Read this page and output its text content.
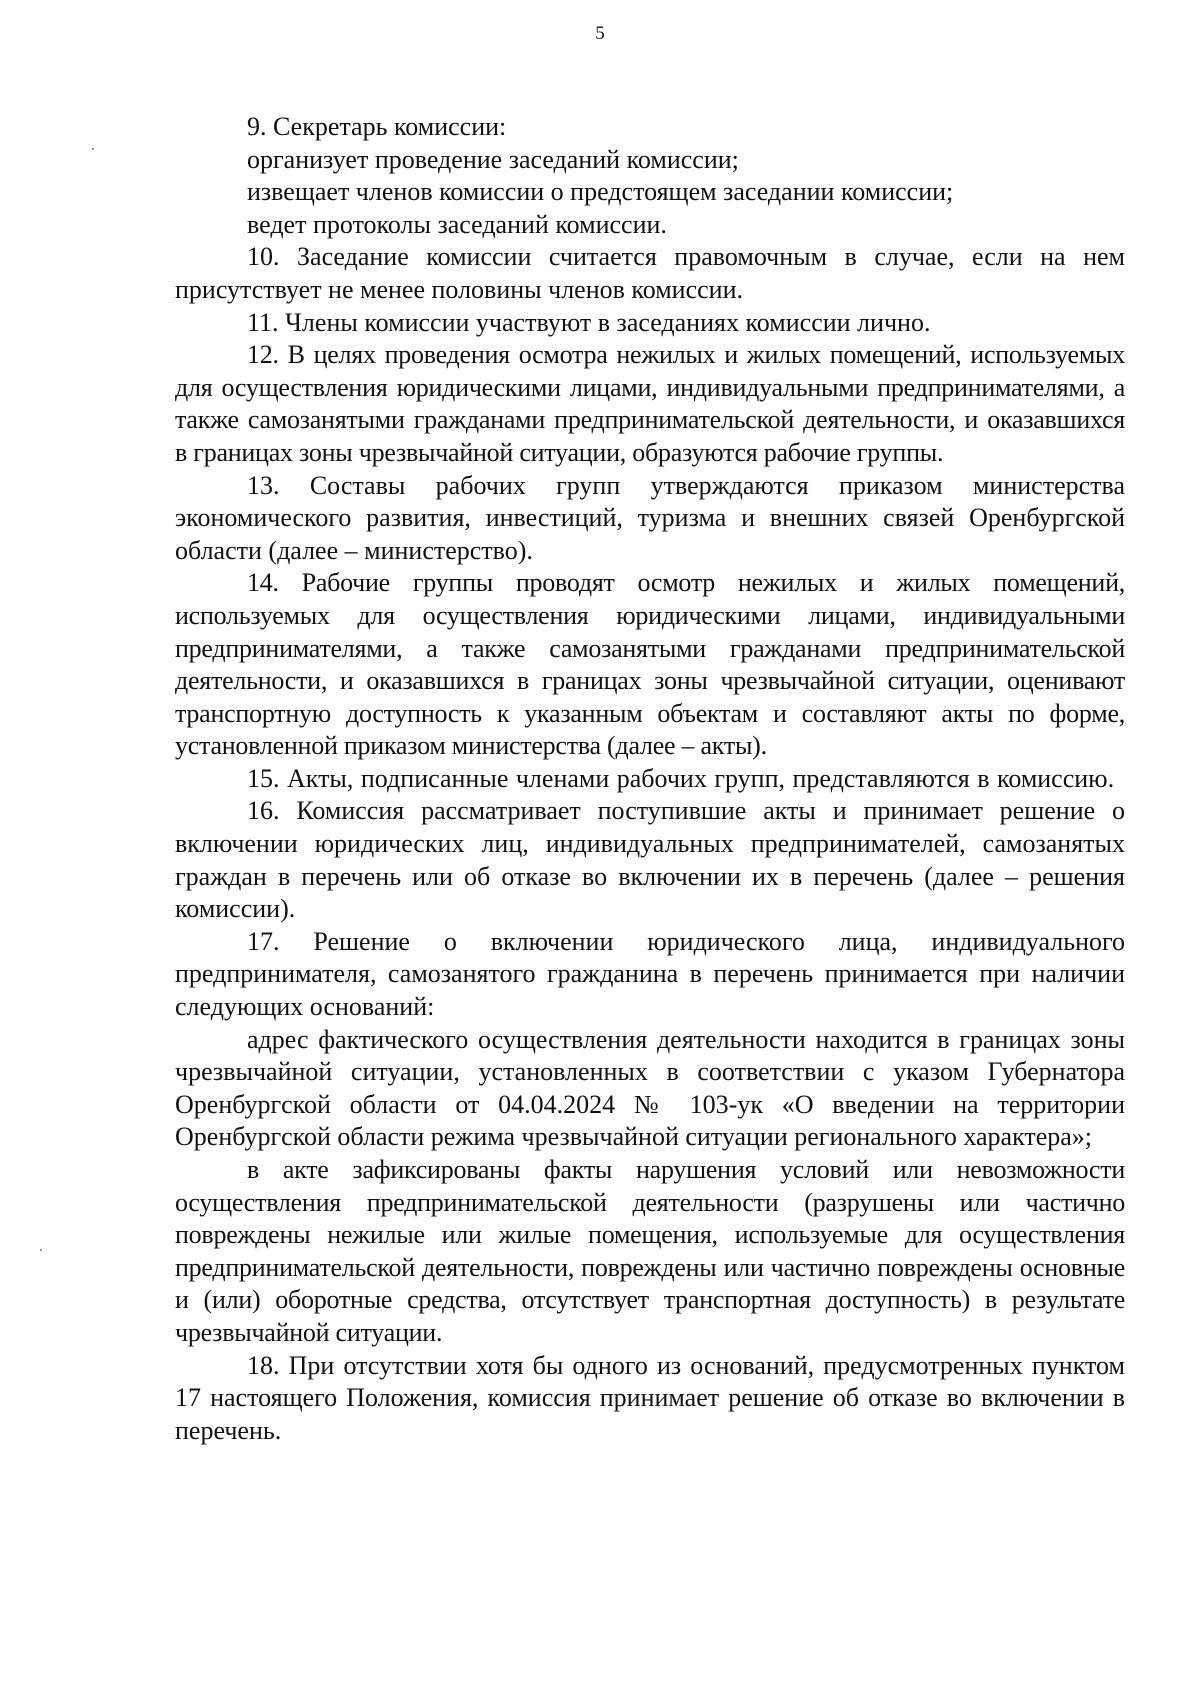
5

9. Секретарь комиссии:

организует проведение заседаний комиссии;

извещает членов комиссии о предстоящем заседании комиссии;

ведет протоколы заседаний комиссии.

10. Заседание комиссии считается правомочным в случае, если на нем присутствует не менее половины членов комиссии.

11. Члены комиссии участвуют в заседаниях комиссии лично.

12. В целях проведения осмотра нежилых и жилых помещений, используемых для осуществления юридическими лицами, индивидуальными предпринимателями, а также самозанятыми гражданами предпринимательской деятельности, и оказавшихся в границах зоны чрезвычайной ситуации, образуются рабочие группы.

13. Составы рабочих групп утверждаются приказом министерства экономического развития, инвестиций, туризма и внешних связей Оренбургской области (далее – министерство).

14. Рабочие группы проводят осмотр нежилых и жилых помещений, используемых для осуществления юридическими лицами, индивидуальными предпринимателями, а также самозанятыми гражданами предпринимательской деятельности, и оказавшихся в границах зоны чрезвычайной ситуации, оценивают транспортную доступность к указанным объектам и составляют акты по форме, установленной приказом министерства (далее – акты).

15. Акты, подписанные членами рабочих групп, представляются в комиссию.

16. Комиссия рассматривает поступившие акты и принимает решение о включении юридических лиц, индивидуальных предпринимателей, самозанятых граждан в перечень или об отказе во включении их в перечень (далее – решения комиссии).

17. Решение о включении юридического лица, индивидуального предпринимателя, самозанятого гражданина в перечень принимается при наличии следующих оснований:

адрес фактического осуществления деятельности находится в границах зоны чрезвычайной ситуации, установленных в соответствии с указом Губернатора Оренбургской области от 04.04.2024 № 103-ук «О введении на территории Оренбургской области режима чрезвычайной ситуации регионального характера»;

в акте зафиксированы факты нарушения условий или невозможности осуществления предпринимательской деятельности (разрушены или частично повреждены нежилые или жилые помещения, используемые для осуществления предпринимательской деятельности, повреждены или частично повреждены основные и (или) оборотные средства, отсутствует транспортная доступность) в результате чрезвычайной ситуации.

18. При отсутствии хотя бы одного из оснований, предусмотренных пунктом 17 настоящего Положения, комиссия принимает решение об отказе во включении в перечень.
